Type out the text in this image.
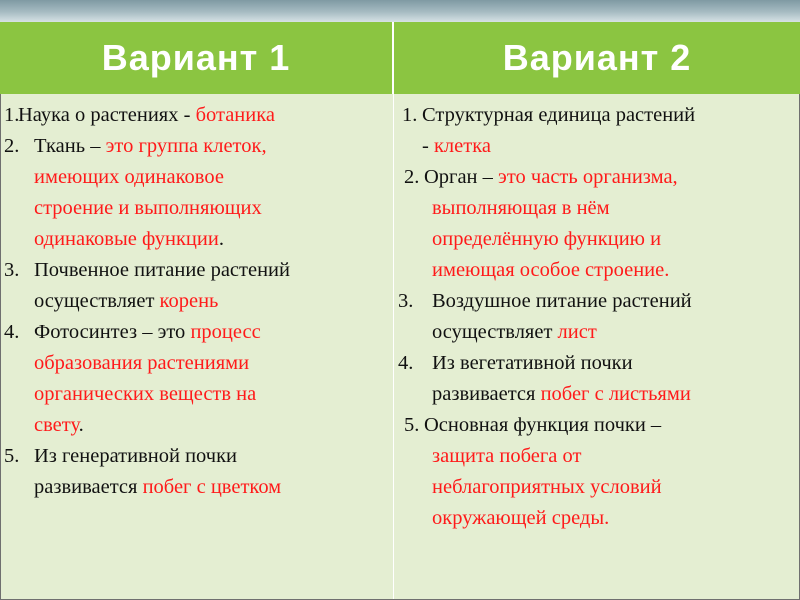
Вариант 1	Вариант 2
1.
Наука о растениях - ботаника
2. Ткань – это группа клеток,
имеющих одинаковое
строение и выполняющих
одинаковые функции.
3. Почвенное питание растений
осуществляет корень
4. Фотосинтез – это процесс
образования растениями
органических веществ на
свету.
5. Из генеративной почки
развивается побег с цветком
1. Структурная единица растений
- клетка
2. Орган – это часть организма,
выполняющая в нём
определённую функцию и
имеющая особое строение.
3. Воздушное питание растений
осуществляет лист
4. Из вегетативной почки
развивается побег с листьями
5. Основная функция почки –
защита побега от
неблагоприятных условий
окружающей среды.
